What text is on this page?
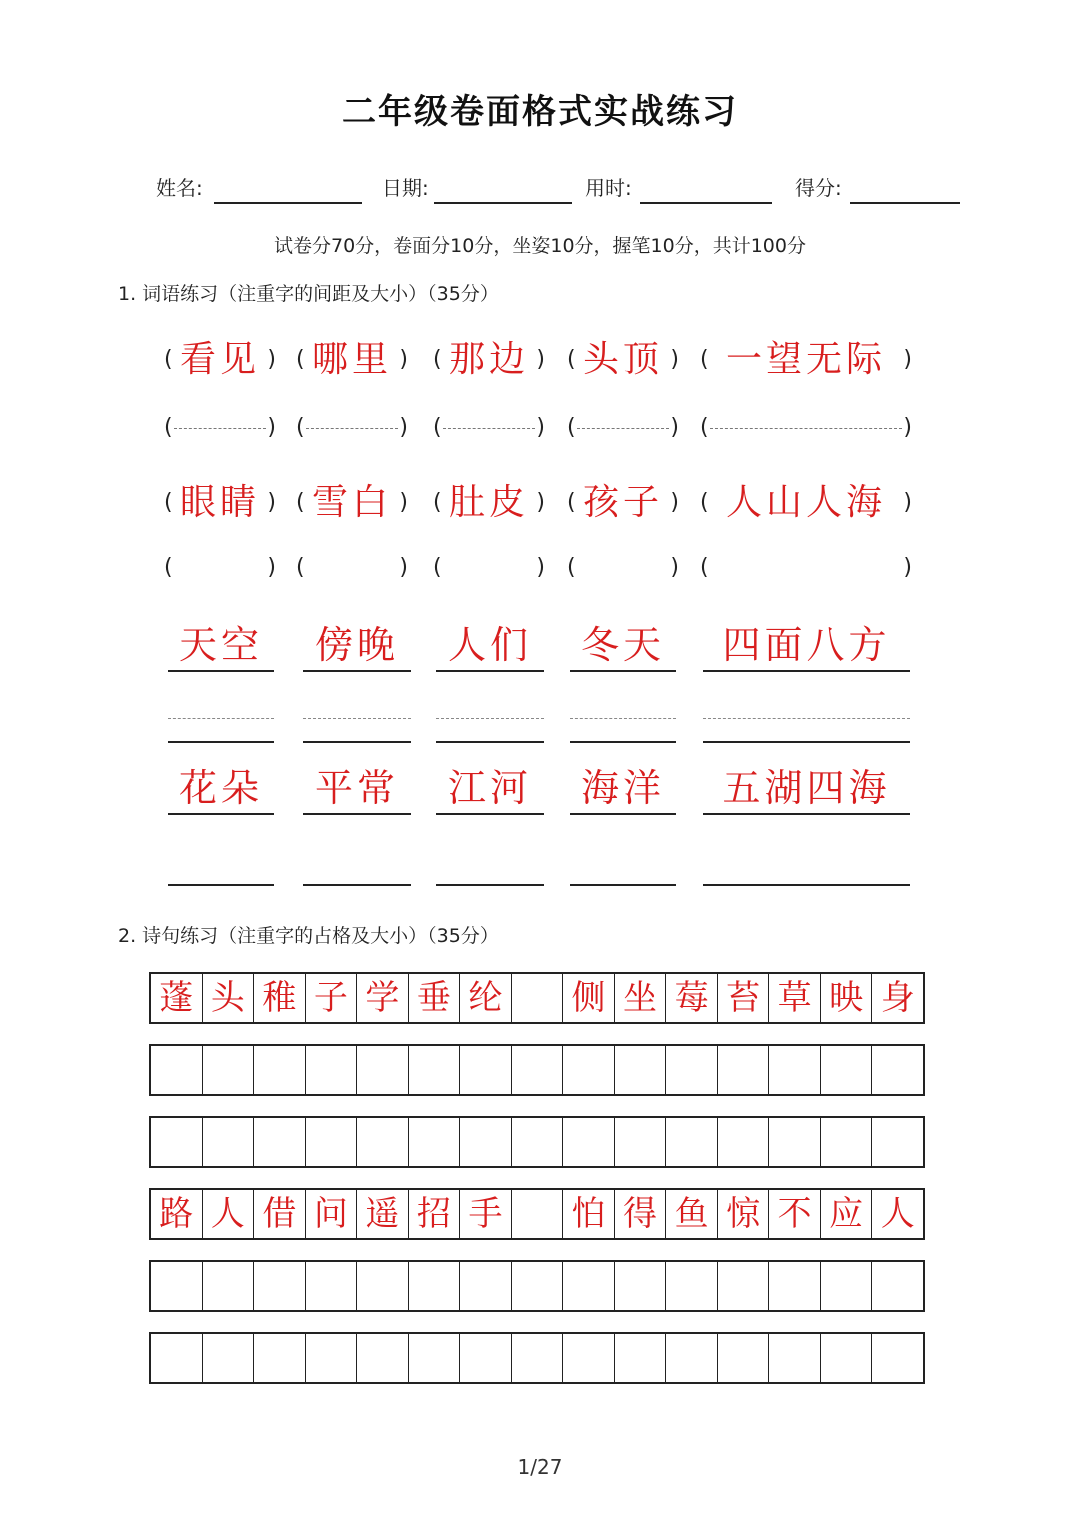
二年级卷面格式实战练习
姓名:	日期:	用时:	得分:
试卷分70分，卷面分10分，坐姿10分，握笔10分，共计100分
1. 词语练习（注重字的间距及大小）（35分）
( 看见 ) ( 哪里 ) ( 那边 ) ( 头顶 ) ( 一望无际 )
(	) (	) (	) (	) (	)
( 眼睛 ) ( 雪白 ) ( 肚皮 ) ( 孩子 ) ( 人山人海 )
(	) (	) (	) (	) (	)
天空	傍晚	人们	冬天	四面八方
花朵	平常	江河	海洋	五湖四海
2. 诗句练习（注重字的占格及大小）（35分）
蓬 头 稚 子 学 垂 纶 侧 坐 莓 苔 草 映 身
路 人 借 问 遥 招 手 怕 得 鱼 惊 不 应 人
1/27
